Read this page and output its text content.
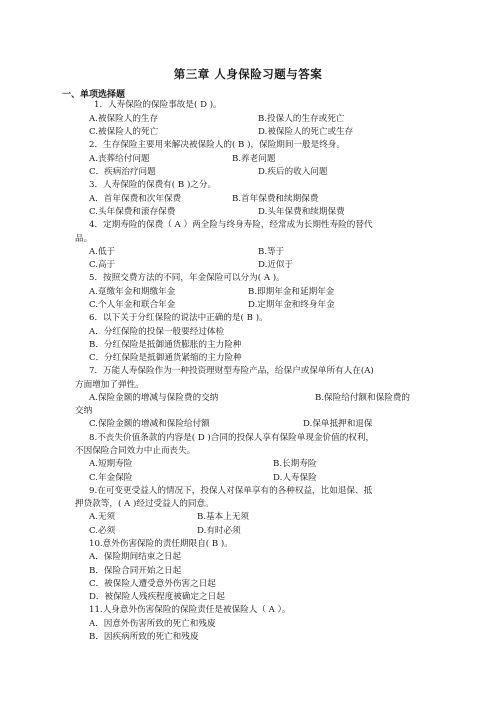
第三章 人身保险习题与答案
一、单项选择题
1．人寿保险的保险事故是( D )。
A.被保险人的生存	B.投保人的生存或死亡
C.被保险人的死亡	D.被保险人的死亡或生存
2．生存保险主要用来解决被保险人的( B )，保险期间一般是终身。
A.丧葬给付问题	B.养老问题
C．疾病治疗问题	D.疾后的收入问题
3．人寿保险的保费有( B )之分。
A．首年保费和次年保费	B.首年保费和续期保费
C.头年保费和滚存保费	D.头年保费和续期保费
4．定期寿险的保费（ A ）两全险与终身寿险，经常成为长期性寿险的替代
品。
A.低于	B.等于
C.高于	D.近似于
5．按照交费方法的不同，年金保险可以分为( A )。
A.趸缴年金和期缴年金	B.即期年金和延期年金
C.个人年金和联合年金	D.定期年金和终身年金
6．以下关于分红保险的说法中正确的是( B )。
A．分红保险的投保一般要经过体检
B．分红保险是抵御通货膨胀的主力险种
C．分红保险是抵御通货紧缩的主力险种
7．万能人寿保险作为一种投资理财型寿险产品，给保户或保单所有人在(A)
方面增加了弹性。
A.保险金额的增减与保险费的交纳	B.保险给付额和保险费的
交纳
C.保险金额的增减和保险给付额	D.保单抵押和退保
8.不丧失价值条款的内容是( D )合同的投保人享有保险单现金价值的权利，
不因保险合同效力中止而丧失。
A.短期寿险	B.长期寿险
C.年金保险	D.人寿保险
9.在可变更受益人的情况下，投保人对保单享有的各种权益，比如退保、抵
押贷款等，( A )经过受益人的同意。
A.无须	B.基本上无须
C.必须	D.有时必须
10.意外伤害保险的责任期限自( B )。
A．保险期间结束之日起
B．保险合同开始之日起
C．被保险人遭受意外伤害之日起
D．被保险人残疾程度被确定之日起
11.人身意外伤害保险的保险责任是被保险人（ A ）。
A．因意外伤害所致的死亡和残废
B．因疾病所致的死亡和残废
